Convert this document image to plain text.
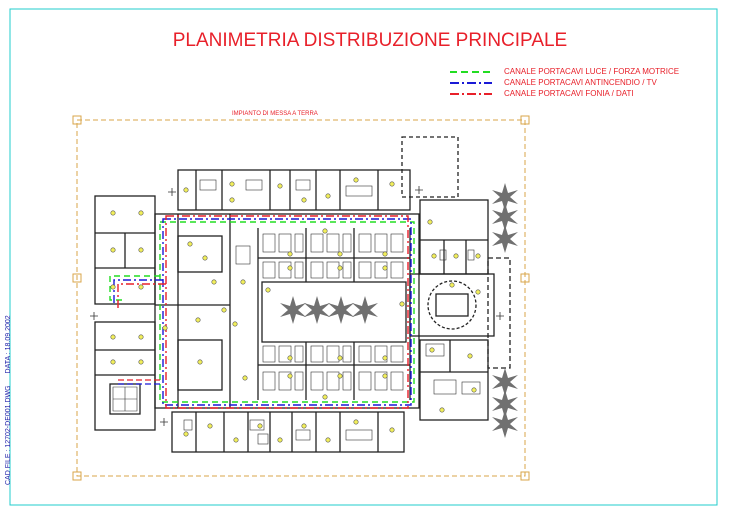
PLANIMETRIA DISTRIBUZIONE PRINCIPALE
CANALE PORTACAVI LUCE / FORZA MOTRICE
CANALE PORTACAVI ANTINCENDIO / TV
CANALE PORTACAVI FONIA / DATI
IMPIANTO DI MESSA A TERRA
CAD FILE : 12702-DE001.DWG DATA : 18.09.2002
